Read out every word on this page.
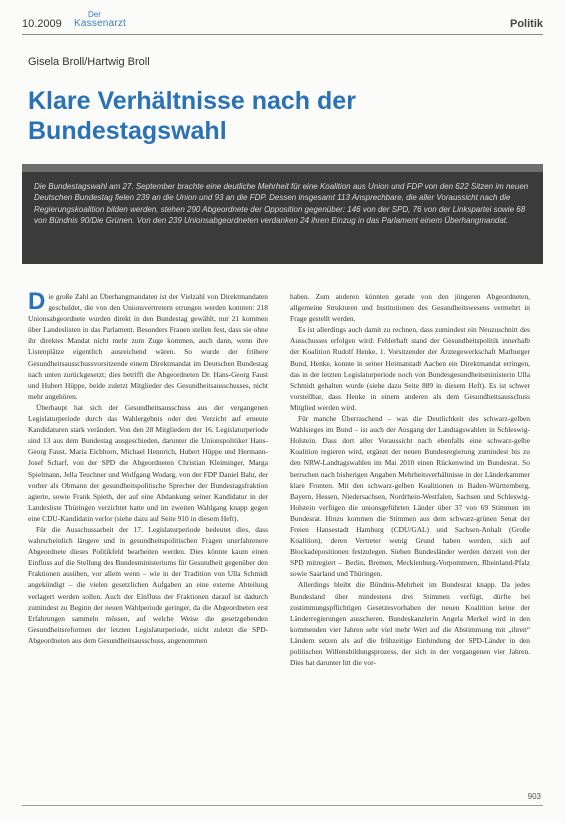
10.2009
Der
Kassenarzt	Politik
Gisela Broll/Hartwig Broll
Klare Verhältnisse nach der Bundestagswahl

Die Bundestagswahl am 27. September brachte eine deutliche Mehrheit für eine Koalition aus Union und FDP von den 622 Sitzen im neuen Deutschen Bundestag fielen 239 an die Union und 93 an die FDP. Dessen insgesamt 113 Ansprechbare, die aller Voraussicht nach die Regierungskoalition bilden werden, stehen 290 Abgeordnete der Opposition gegenüber: 146 von der SPD, 76 von der Linkspartei sowie 68 von Bündnis 90/Die Grünen. Von den 239 Unionsabgeordneten verdanken 24 ihren Einzug in das Parlament einem Überhangmandat.

Die große Zahl an Überhangmandaten ist der Vielzahl von Direktmandaten geschuldet, die von den Unionsvertretern errungen werden konnten: 218 Unionsabgeordnete wurden direkt in den Bundestag gewählt, nur 21 kommen über Landeslisten in das Parlament. Besonders Frauen stellen fest, dass sie ohne ihr direktes Mandat nicht mehr zum Zuge kommen, auch dann, wenn ihre Listenplätze eigentlich ausreichend wären. So wurde der frühere Gesundheitsausschussvorsitzende einem Direktmandat im Deutschen Bundestag nach unten zurückgesetzt; dies betrifft die Abgeordneten Dr. Hans-Georg Faust und Hubert Hüppe, beide zuletzt Mitglieder des Gesundheitsausschusses, nicht mehr angehören.

Überhaupt hat sich der Gesundheitsausschuss aus der vergangenen Legislaturperiode durch das Wahlergebnis oder den Verzicht auf erneute Kandidaturen stark verändert. Von den 28 Mitgliedern der 16. Legislaturperiode sind 13 aus dem Bundestag ausgeschieden, darunter die Unionspolitiker Hans-Georg Faust, Maria Eichhorn, Michael Hennrich, Hubert Hüppe und Hermann-Josef Scharf, von der SPD die Abgeordneten Christian Kleiminger, Marga Spielmann, Jella Teuchner und Wolfgang Wodarg, von der FDP Daniel Bahr, der vorher als Obmann der gesundheitspolitische Sprecher der Bundestagsfraktion agierte, sowie Frank Spieth, der auf eine Abdankung seiner Kandidatur in der Landesliste Thüringen verzichtet hatte und im zweiten Wahlgang knapp gegen eine CDU-Kandidatin verlor (siehe dazu auf Seite 910 in diesem Heft).

Für die Ausschussarbeit der 17. Legislaturperiode bedeutet dies, dass wahrscheinlich längere und in gesundheitspolitischen Fragen unerfahrenere Abgeordnete dieses Politikfeld bearbeiten werden. Dies könnte kaum einen Einfluss auf die Stellung des Bundesministeriums für Gesundheit gegenüber den Fraktionen ausüben, vor allem wenn – wie in der Tradition von Ulla Schmidt angekündigt – die vielen gesetzlichen Aufgaben an eine externe Abteilung verlagert werden sollen. Auch der Einfluss der Fraktionen darauf ist dadurch zumindest zu Beginn der neuen Wahlperiode geringer, da die Abgeordneten erst Erfahrungen sammeln müssen, auf welche Weise die gesetzgebenden Gesundheitsreformen der letzten Legislaturperiode, nicht zuletzt die SPD-Abgeordneten aus dem Gesundheitsausschuss, angenommen

haben. Zum anderen könnten gerade von den jüngeren Abgeordneten, allgemeine Strukturen und Institutionen des Gesundheitswesens vermehrt in Frage gestellt werden.

Es ist allerdings auch damit zu rechnen, dass zumindest ein Neuzuschnitt des Ausschusses erfolgen wird: Fehlerhaft stand der Gesundheitspolitik innerhalb der Koalition Rudolf Henke, 1. Vorsitzender der Ärztegewerkschaft Marburger Bund, Henke, konnte in seiner Heimatstadt Aachen ein Direktmandat erringen, das in der letzten Legislaturperiode noch von Bundesgesundheitsministerin Ulla Schmidt gehalten wurde (siehe dazu Seite 889 in diesem Heft). Es ist schwer vorstellbar, dass Henke in einem anderen als dem Gesundheitsausschuss Mitglied werden wird.

Für manche Überraschend – was die Deutlichkeit des schwarz-gelben Wahlsieges im Bund – ist auch der Ausgang der Landtagswahlen in Schleswig-Holstein. Dass dort aller Voraussicht nach ebenfalls eine schwarz-gelbe Koalition regieren wird, ergänzt der neuen Bundesregierung zumindest bis zu den NRW-Landtagswahlen im Mai 2010 einen Rückenwind im Bundesrat. So herrschen nach bisherigen Angaben Mehrheitsverhältnisse in der Länderkammer klare Fronten. Mit den schwarz-gelben Koalitionen in Baden-Württemberg, Bayern, Hessen, Niedersachsen, Nordrhein-Westfalen, Sachsen und Schleswig-Holstein verfügen die unionsgeführten Länder über 37 von 69 Stimmen im Bundesrat. Hinzu kommen die Stimmen aus dem schwarz-grünen Senat der Freien Hansestadt Hamburg (CDU/GAL) und Sachsen-Anhalt (Große Koalition), deren Vertreter wenig Grund haben werden, sich auf Blockadepositionen festzulegen. Sieben Bundesländer werden derzeit von der SPD mitregiert – Berlin, Bremen, Mecklenburg-Vorpommern, Rheinland-Pfalz sowie Saarland und Thüringen.

Allerdings bleibt die Bündnis-Mehrheit im Bundesrat knapp. Da jedes Bundesland über mindestens drei Stimmen verfügt, dürfte bei zustimmungspflichtigen Gesetzesvorhaben der neuen Koalition keine der Länderregierungen ausscheren. Bundeskanzlerin Angela Merkel wird in den kommenden vier Jahren sehr viel mehr Wert auf die Abstimmung mit „ihren“ Ländern setzen als auf die frühzeitige Einbindung der SPD-Länder in den politischen Willensbildungsprozess, der sich in der vergangenen vier Jahren. Dies hat darunter litt die vor-

903
